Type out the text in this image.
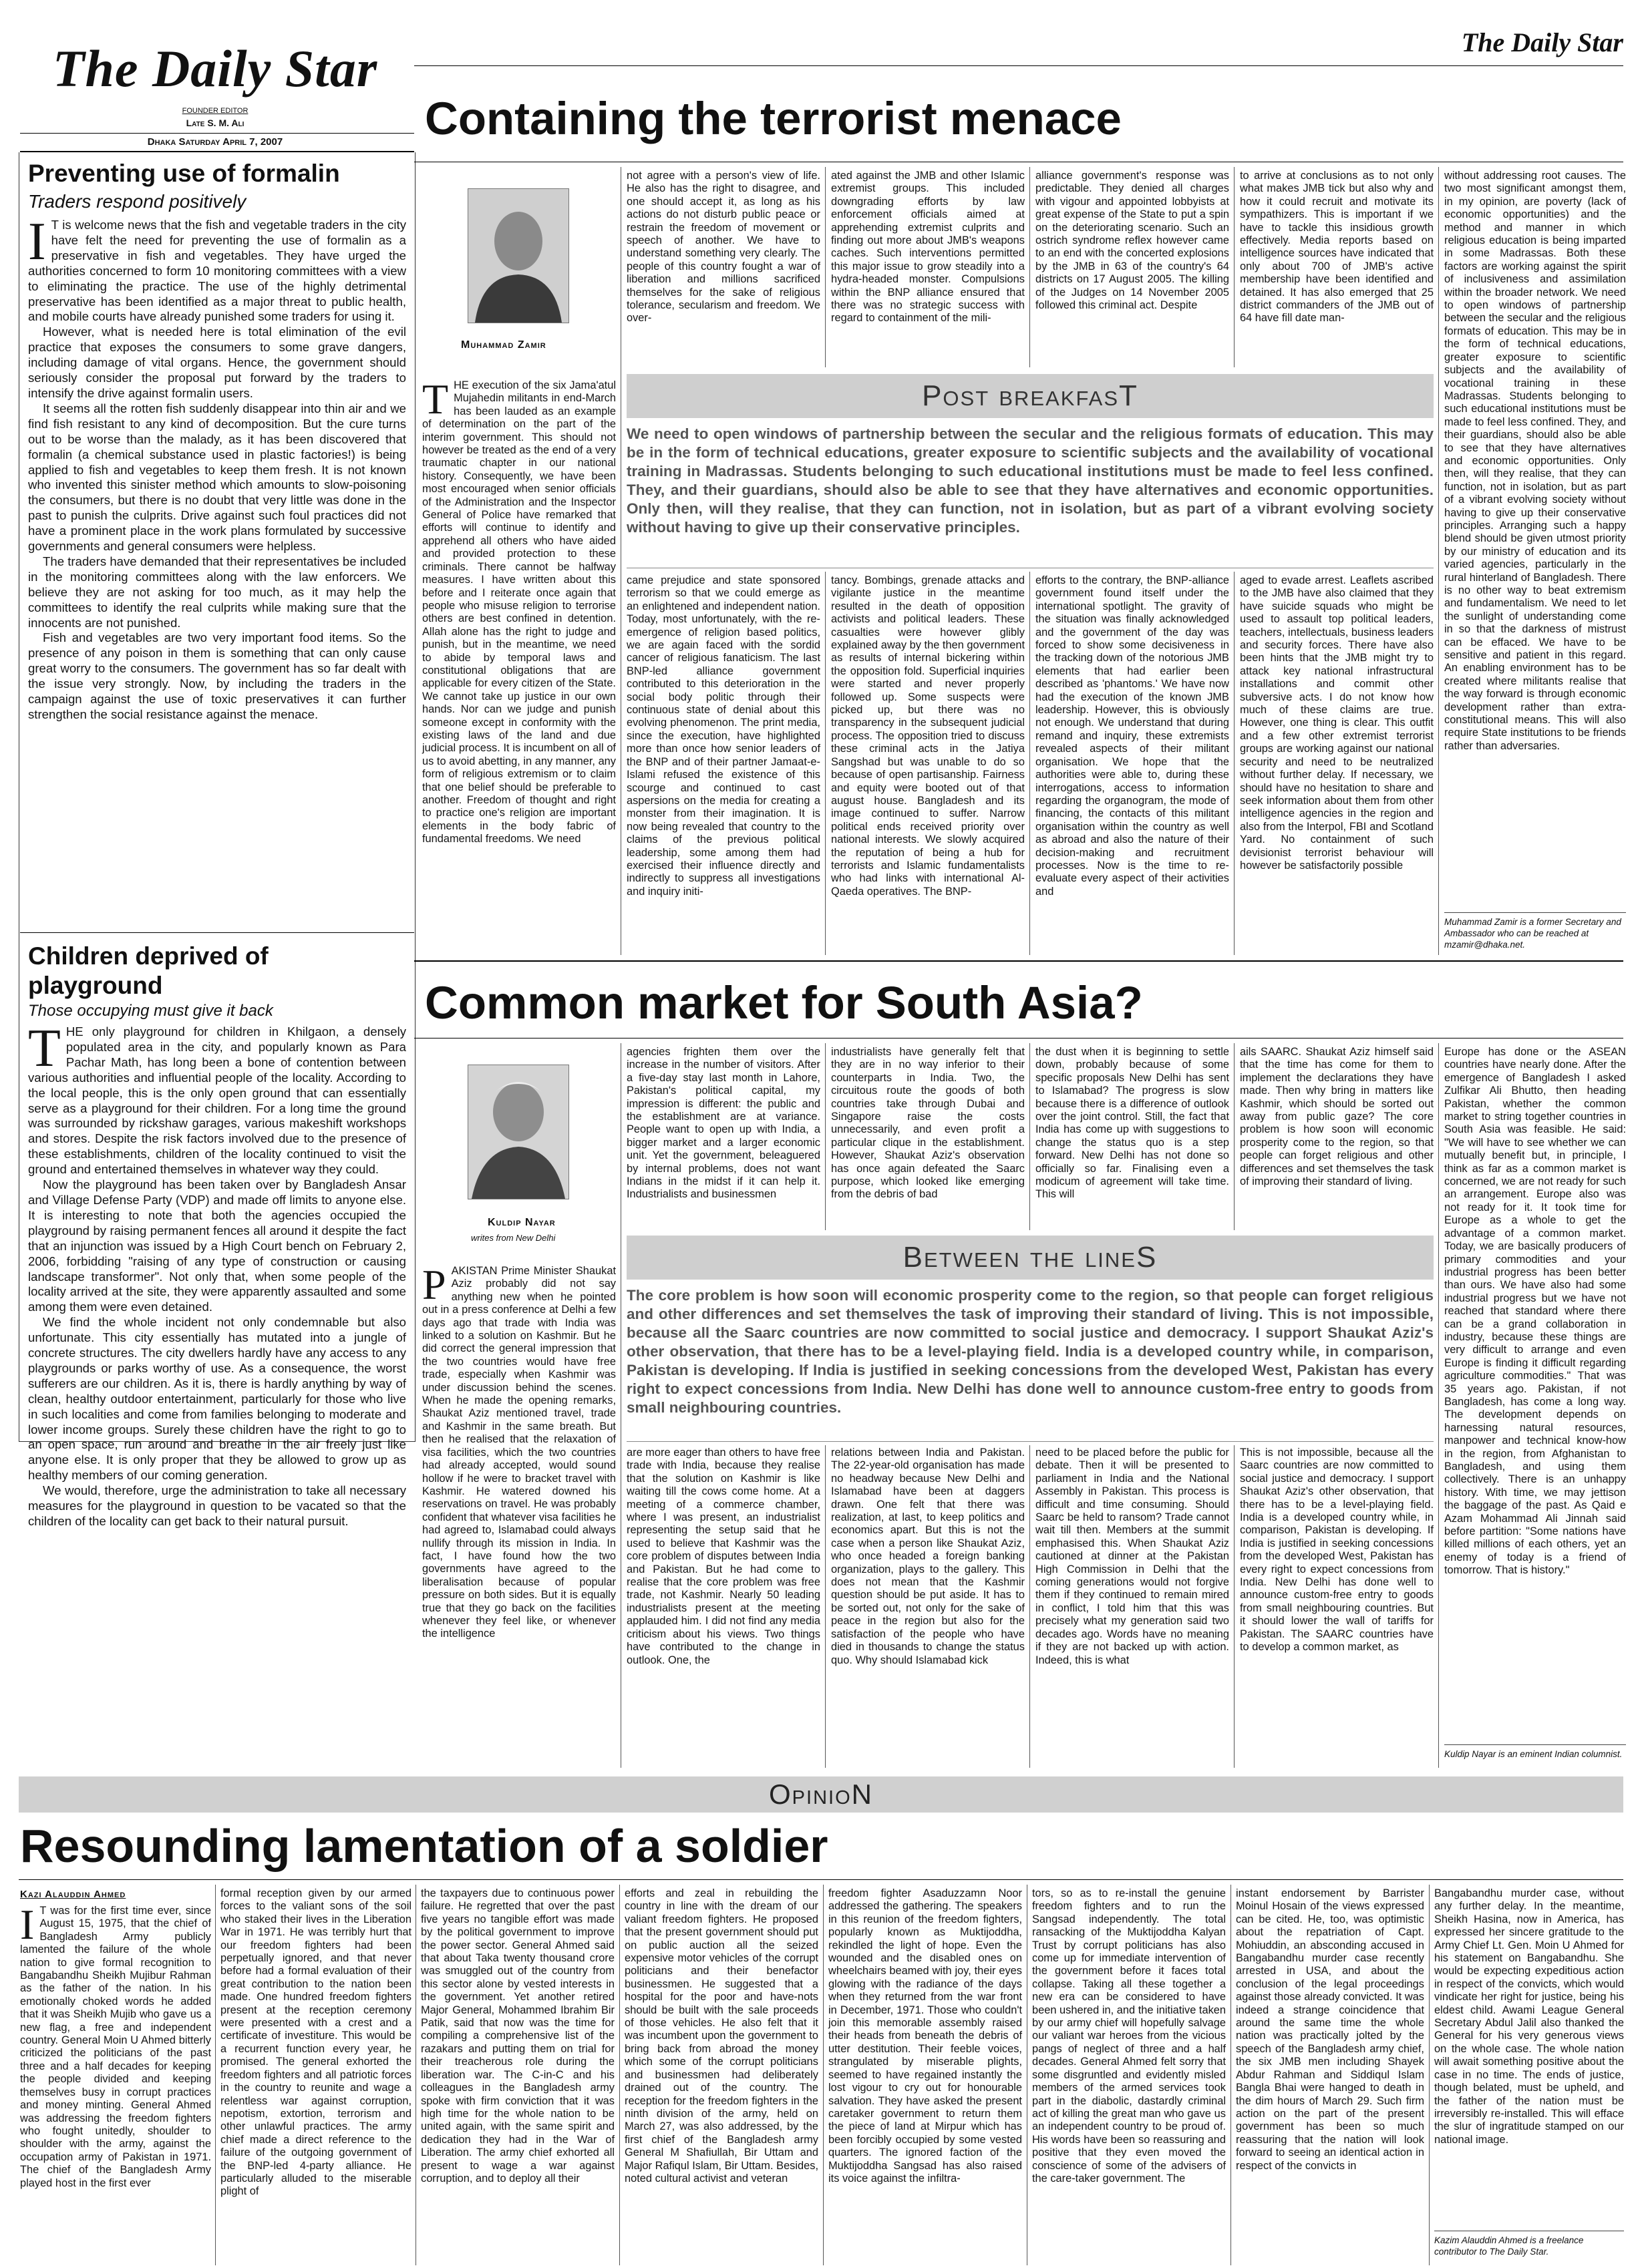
The Daily Star
FOUNDER EDITOR
Late S. M. Ali
Dhaka Saturday April 7, 2007
Preventing use of formalin
Traders respond positively
I T is welcome news that the fish and vegetable traders in the city have felt the need for preventing the use of formalin as a preservative in fish and vegetables. They have urged the authorities concerned to form 10 monitoring committees with a view to eliminating the practice. The use of the highly detrimental preservative has been identified as a major threat to public health, and mobile courts have already punished some traders for using it.

However, what is needed here is total elimination of the evil practice that exposes the consumers to some grave dangers, including damage of vital organs. Hence, the government should seriously consider the proposal put forward by the traders to intensify the drive against formalin users.

It seems all the rotten fish suddenly disappear into thin air and we find fish resistant to any kind of decomposition. But the cure turns out to be worse than the malady, as it has been discovered that formalin (a chemical substance used in plastic factories!) is being applied to fish and vegetables to keep them fresh. It is not known who invented this sinister method which amounts to slow-poisoning the consumers, but there is no doubt that very little was done in the past to punish the culprits. Drive against such foul practices did not have a prominent place in the work plans formulated by successive governments and general consumers were helpless.

The traders have demanded that their representatives be included in the monitoring committees along with the law enforcers. We believe they are not asking for too much, as it may help the committees to identify the real culprits while making sure that the innocents are not punished.

Fish and vegetables are two very important food items. So the presence of any poison in them is something that can only cause great worry to the consumers. The government has so far dealt with the issue very strongly. Now, by including the traders in the campaign against the use of toxic preservatives it can further strengthen the social resistance against the menace.

Children deprived of playground
Those occupying must give it back
T HE only playground for children in Khilgaon, a densely populated area in the city, and popularly known as Para Pachar Math, has long been a bone of contention between various authorities and influential people of the locality. According to the local people, this is the only open ground that can essentially serve as a playground for their children. For a long time the ground was surrounded by rickshaw garages, various makeshift workshops and stores. Despite the risk factors involved due to the presence of these establishments, children of the locality continued to visit the ground and entertained themselves in whatever way they could.

Now the playground has been taken over by Bangladesh Ansar and Village Defense Party (VDP) and made off limits to anyone else. It is interesting to note that both the agencies occupied the playground by raising permanent fences all around it despite the fact that an injunction was issued by a High Court bench on February 2, 2006, forbidding "raising of any type of construction or causing landscape transformer". Not only that, when some people of the locality arrived at the site, they were apparently assaulted and some among them were even detained.

We find the whole incident not only condemnable but also unfortunate. This city essentially has mutated into a jungle of concrete structures. The city dwellers hardly have any access to any playgrounds or parks worthy of use. As a consequence, the worst sufferers are our children. As it is, there is hardly anything by way of clean, healthy outdoor entertainment, particularly for those who live in such localities and come from families belonging to moderate and lower income groups. Surely these children have the right to go to an open space, run around and breathe in the air freely just like anyone else. It is only proper that they be allowed to grow up as healthy members of our coming generation.

We would, therefore, urge the administration to take all necessary measures for the playground in question to be vacated so that the children of the locality can get back to their natural pursuit.

The Daily Star
Containing the terrorist menace
Muhammad Zamir
T HE execution of the six Jama'atul Mujahedin militants in end-March has been lauded as an example of determination on the part of the interim government. This should not however be treated as the end of a very traumatic chapter in our national history. Consequently, we have been most encouraged when senior officials of the Administration and the Inspector General of Police have remarked that efforts will continue to identify and apprehend all others who have aided and provided protection to these criminals. There cannot be halfway measures. I have written about this before and I reiterate once again that people who misuse religion to terrorise others are best confined in detention. Allah alone has the right to judge and punish, but in the meantime, we need to abide by temporal laws and constitutional obligations that are applicable for every citizen of the State. We cannot take up justice in our own hands. Nor can we judge and punish someone except in conformity with the existing laws of the land and due judicial process. It is incumbent on all of us to avoid abetting, in any manner, any form of religious extremism or to claim that one belief should be preferable to another. Freedom of thought and right to practice one's religion are important elements in the body fabric of fundamental freedoms. We need

not agree with a person's view of life. He also has the right to disagree, and one should accept it, as long as his actions do not disturb public peace or restrain the freedom of movement or speech of another. We have to understand something very clearly. The people of this country fought a war of liberation and millions sacrificed themselves for the sake of religious tolerance, secularism and freedom. We over-

ated against the JMB and other Islamic extremist groups. This included downgrading efforts by law enforcement officials aimed at apprehending extremist culprits and finding out more about JMB's weapons caches. Such interventions permitted this major issue to grow steadily into a hydra-headed monster. Compulsions within the BNP alliance ensured that there was no strategic success with regard to containment of the mili-

alliance government's response was predictable. They denied all charges with vigour and appointed lobbyists at great expense of the State to put a spin on the deteriorating scenario. Such an ostrich syndrome reflex however came to an end with the concerted explosions by the JMB in 63 of the country's 64 districts on 17 August 2005. The killing of the Judges on 14 November 2005 followed this criminal act. Despite

to arrive at conclusions as to not only what makes JMB tick but also why and how it could recruit and motivate its sympathizers. This is important if we have to tackle this insidious growth effectively. Media reports based on intelligence sources have indicated that only about 700 of JMB's active membership have been identified and detained. It has also emerged that 25 district commanders of the JMB out of 64 have fill date man-

Post breakfasT
We need to open windows of partnership between the secular and the religious formats of education. This may be in the form of technical educations, greater exposure to scientific subjects and the availability of vocational training in Madrassas. Students belonging to such educational institutions must be made to feel less confined. They, and their guardians, should also be able to see that they have alternatives and economic opportunities. Only then, will they realise, that they can function, not in isolation, but as part of a vibrant evolving society without having to give up their conservative principles.

came prejudice and state sponsored terrorism so that we could emerge as an enlightened and independent nation. Today, most unfortunately, with the re-emergence of religion based politics, we are again faced with the sordid cancer of religious fanaticism. The last BNP-led alliance government contributed to this deterioration in the social body politic through their continuous state of denial about this evolving phenomenon. The print media, since the execution, have highlighted more than once how senior leaders of the BNP and of their partner Jamaat-e-Islami refused the existence of this scourge and continued to cast aspersions on the media for creating a monster from their imagination. It is now being revealed that country to the claims of the previous political leadership, some among them had exercised their influence directly and indirectly to suppress all investigations and inquiry initi-

tancy. Bombings, grenade attacks and vigilante justice in the meantime resulted in the death of opposition activists and political leaders. These casualties were however glibly explained away by the then government as results of internal bickering within the opposition fold. Superficial inquiries were started and never properly followed up. Some suspects were picked up, but there was no transparency in the subsequent judicial process. The opposition tried to discuss these criminal acts in the Jatiya Sangshad but was unable to do so because of open partisanship. Fairness and equity were booted out of that august house. Bangladesh and its image continued to suffer. Narrow political ends received priority over national interests. We slowly acquired the reputation of being a hub for terrorists and Islamic fundamentalists who had links with international Al-Qaeda operatives. The BNP-

efforts to the contrary, the BNP-alliance government found itself under the international spotlight. The gravity of the situation was finally acknowledged and the government of the day was forced to show some decisiveness in the tracking down of the notorious JMB elements that had earlier been described as 'phantoms.' We have now had the execution of the known JMB leadership. However, this is obviously not enough. We understand that during remand and inquiry, these extremists revealed aspects of their militant organisation. We hope that the authorities were able to, during these interrogations, access to information regarding the organogram, the mode of financing, the contacts of this militant organisation within the country as well as abroad and also the nature of their decision-making and recruitment processes. Now is the time to re-evaluate every aspect of their activities and

aged to evade arrest. Leaflets ascribed to the JMB have also claimed that they have suicide squads who might be used to assault top political leaders, teachers, intellectuals, business leaders and security forces. There have also been hints that the JMB might try to attack key national infrastructural installations and commit other subversive acts. I do not know how much of these claims are true. However, one thing is clear. This outfit and a few other extremist terrorist groups are working against our national security and need to be neutralized without further delay. If necessary, we should have no hesitation to share and seek information about them from other intelligence agencies in the region and also from the Interpol, FBI and Scotland Yard. No containment of such devisionist terrorist behaviour will however be satisfactorily possible

without addressing root causes. The two most significant amongst them, in my opinion, are poverty (lack of economic opportunities) and the method and manner in which religious education is being imparted in some Madrassas. Both these factors are working against the spirit of inclusiveness and assimilation within the broader network. We need to open windows of partnership between the secular and the religious formats of education. This may be in the form of technical educations, greater exposure to scientific subjects and the availability of vocational training in these Madrassas. Students belonging to such educational institutions must be made to feel less confined. They, and their guardians, should also be able to see that they have alternatives and economic opportunities. Only then, will they realise, that they can function, not in isolation, but as part of a vibrant evolving society without having to give up their conservative principles. Arranging such a happy blend should be given utmost priority by our ministry of education and its varied agencies, particularly in the rural hinterland of Bangladesh. There is no other way to beat extremism and fundamentalism. We need to let the sunlight of understanding come in so that the darkness of mistrust can be effaced. We have to be sensitive and patient in this regard. An enabling environment has to be created where militants realise that the way forward is through economic development rather than extra-constitutional means. This will also require State institutions to be friends rather than adversaries.

Muhammad Zamir is a former Secretary and Ambassador who can be reached at mzamir@dhaka.net.
Common market for South Asia?
Kuldip Nayar
writes from New Delhi
P AKISTAN Prime Minister Shaukat Aziz probably did not say anything new when he pointed out in a press conference at Delhi a few days ago that trade with India was linked to a solution on Kashmir. But he did correct the general impression that the two countries would have free trade, especially when Kashmir was under discussion behind the scenes. When he made the opening remarks, Shaukat Aziz mentioned travel, trade and Kashmir in the same breath. But then he realised that the relaxation of visa facilities, which the two countries had already accepted, would sound hollow if he were to bracket travel with Kashmir. He watered downed his reservations on travel. He was probably confident that whatever visa facilities he had agreed to, Islamabad could always nullify through its mission in India. In fact, I have found how the two governments have agreed to the liberalisation because of popular pressure on both sides. But it is equally true that they go back on the facilities whenever they feel like, or whenever the intelligence

agencies frighten them over the increase in the number of visitors. After a five-day stay last month in Lahore, Pakistan's political capital, my impression is different: the public and the establishment are at variance. People want to open up with India, a bigger market and a larger economic unit. Yet the government, beleaguered by internal problems, does not want Indians in the midst if it can help it. Industrialists and businessmen

industrialists have generally felt that they are in no way inferior to their counterparts in India. Two, the circuitous route the goods of both countries take through Dubai and Singapore raise the costs unnecessarily, and even profit a particular clique in the establishment. However, Shaukat Aziz's observation has once again defeated the Saarc purpose, which looked like emerging from the debris of bad

the dust when it is beginning to settle down, probably because of some specific proposals New Delhi has sent to Islamabad? The progress is slow because there is a difference of outlook over the joint control. Still, the fact that India has come up with suggestions to change the status quo is a step forward. New Delhi has not done so officially so far. Finalising even a modicum of agreement will take time. This will

ails SAARC. Shaukat Aziz himself said that the time has come for them to implement the declarations they have made. Then why bring in matters like Kashmir, which should be sorted out away from public gaze? The core problem is how soon will economic prosperity come to the region, so that people can forget religious and other differences and set themselves the task of improving their standard of living.

Between the lineS
The core problem is how soon will economic prosperity come to the region, so that people can forget religious and other differences and set themselves the task of improving their standard of living. This is not impossible, because all the Saarc countries are now committed to social justice and democracy. I support Shaukat Aziz's other observation, that there has to be a level-playing field. India is a developed country while, in comparison, Pakistan is developing. If India is justified in seeking concessions from the developed West, Pakistan has every right to expect concessions from India. New Delhi has done well to announce custom-free entry to goods from small neighbouring countries.

are more eager than others to have free trade with India, because they realise that the solution on Kashmir is like waiting till the cows come home. At a meeting of a commerce chamber, where I was present, an industrialist representing the setup said that he used to believe that Kashmir was the core problem of disputes between India and Pakistan. But he had come to realise that the core problem was free trade, not Kashmir. Nearly 50 leading industrialists present at the meeting applauded him. I did not find any media criticism about his views. Two things have contributed to the change in outlook. One, the

relations between India and Pakistan. The 22-year-old organisation has made no headway because New Delhi and Islamabad have been at daggers drawn. One felt that there was realization, at last, to keep politics and economics apart. But this is not the case when a person like Shaukat Aziz, who once headed a foreign banking organization, plays to the gallery. This does not mean that the Kashmir question should be put aside. It has to be sorted out, not only for the sake of peace in the region but also for the satisfaction of the people who have died in thousands to change the status quo. Why should Islamabad kick

need to be placed before the public for debate. Then it will be presented to parliament in India and the National Assembly in Pakistan. This process is difficult and time consuming. Should Saarc be held to ransom? Trade cannot wait till then. Members at the summit emphasised this. When Shaukat Aziz cautioned at dinner at the Pakistan High Commission in Delhi that the coming generations would not forgive them if they continued to remain mired in conflict, I told him that this was precisely what my generation said two decades ago. Words have no meaning if they are not backed up with action. Indeed, this is what

This is not impossible, because all the Saarc countries are now committed to social justice and democracy. I support Shaukat Aziz's other observation, that there has to be a level-playing field. India is a developed country while, in comparison, Pakistan is developing. If India is justified in seeking concessions from the developed West, Pakistan has every right to expect concessions from India. New Delhi has done well to announce custom-free entry to goods from small neighbouring countries. But it should lower the wall of tariffs for Pakistan. The SAARC countries have to develop a common market, as

Europe has done or the ASEAN countries have nearly done. After the emergence of Bangladesh I asked Zulfikar Ali Bhutto, then heading Pakistan, whether the common market to string together countries in South Asia was feasible. He said: "We will have to see whether we can mutually benefit but, in principle, I think as far as a common market is concerned, we are not ready for such an arrangement. Europe also was not ready for it. It took time for Europe as a whole to get the advantage of a common market. Today, we are basically producers of primary commodities and your industrial progress has been better than ours. We have also had some industrial progress but we have not reached that standard where there can be a grand collaboration in industry, because these things are very difficult to arrange and even Europe is finding it difficult regarding agriculture commodities." That was 35 years ago. Pakistan, if not Bangladesh, has come a long way. The development depends on harnessing natural resources, manpower and technical know-how in the region, from Afghanistan to Bangladesh, and using them collectively. There is an unhappy history. With time, we may jettison the baggage of the past. As Qaid e Azam Mohammad Ali Jinnah said before partition: "Some nations have killed millions of each others, yet an enemy of today is a friend of tomorrow. That is history."

Kuldip Nayar is an eminent Indian columnist.
OpinioN
Resounding lamentation of a soldier
Kazi Alauddin Ahmed
I T was for the first time ever, since August 15, 1975, that the chief of Bangladesh Army publicly lamented the failure of the whole nation to give formal recognition to Bangabandhu Sheikh Mujibur Rahman as the father of the nation. In his emotionally choked words he added that it was Sheikh Mujib who gave us a new flag, a free and independent country. General Moin U Ahmed bitterly criticized the politicians of the past three and a half decades for keeping the people divided and keeping themselves busy in corrupt practices and money minting. General Ahmed was addressing the freedom fighters who fought unitedly, shoulder to shoulder with the army, against the occupation army of Pakistan in 1971. The chief of the Bangladesh Army played host in the first ever

formal reception given by our armed forces to the valiant sons of the soil who staked their lives in the Liberation War in 1971. He was terribly hurt that our freedom fighters had been perpetually ignored, and that never before had a formal evaluation of their great contribution to the nation been made. One hundred freedom fighters present at the reception ceremony were presented with a crest and a certificate of investiture. This would be a recurrent function every year, he promised. The general exhorted the freedom fighters and all patriotic forces in the country to reunite and wage a relentless war against corruption, nepotism, extortion, terrorism and other unlawful practices. The army chief made a direct reference to the failure of the outgoing government of the BNP-led 4-party alliance. He particularly alluded to the miserable plight of

the taxpayers due to continuous power failure. He regretted that over the past five years no tangible effort was made by the political government to improve the power sector. General Ahmed said that about Taka twenty thousand crore was smuggled out of the country from this sector alone by vested interests in the government. Yet another retired Major General, Mohammed Ibrahim Bir Patik, said that now was the time for compiling a comprehensive list of the razakars and putting them on trial for their treacherous role during the liberation war. The C-in-C and his colleagues in the Bangladesh army spoke with firm conviction that it was high time for the whole nation to be united again, with the same spirit and dedication they had in the War of Liberation. The army chief exhorted all present to wage a war against corruption, and to deploy all their

efforts and zeal in rebuilding the country in line with the dream of our valiant freedom fighters. He proposed that the present government should put on public auction all the seized expensive motor vehicles of the corrupt politicians and their benefactor businessmen. He suggested that a hospital for the poor and have-nots should be built with the sale proceeds of those vehicles. He also felt that it was incumbent upon the government to bring back from abroad the money which some of the corrupt politicians and businessmen had deliberately drained out of the country. The reception for the freedom fighters in the ninth division of the army, held on March 27, was also addressed, by the first chief of the Bangladesh army General M Shafiullah, Bir Uttam and Major Rafiqul Islam, Bir Uttam. Besides, noted cultural activist and veteran

freedom fighter Asaduzzamn Noor addressed the gathering. The speakers in this reunion of the freedom fighters, popularly known as Muktijoddha, rekindled the light of hope. Even the wounded and the disabled ones on wheelchairs beamed with joy, their eyes glowing with the radiance of the days when they returned from the war front in December, 1971. Those who couldn't join this memorable assembly raised their heads from beneath the debris of utter destitution. Their feeble voices, strangulated by miserable plights, seemed to have regained instantly the lost vigour to cry out for honourable salvation. They have asked the present caretaker government to return them the piece of land at Mirpur which has been forcibly occupied by some vested quarters. The ignored faction of the Muktijoddha Sangsad has also raised its voice against the infiltra-

tors, so as to re-install the genuine freedom fighters and to run the Sangsad independently. The total ransacking of the Muktijoddha Kalyan Trust by corrupt politicians has also come up for immediate intervention of the government before it faces total collapse. Taking all these together a new era can be considered to have been ushered in, and the initiative taken by our army chief will hopefully salvage our valiant war heroes from the vicious pangs of neglect of three and a half decades. General Ahmed felt sorry that some disgruntled and evidently misled members of the armed services took part in the diabolic, dastardly criminal act of killing the great man who gave us an independent country to be proud of. His words have been so reassuring and positive that they even moved the conscience of some of the advisers of the care-taker government. The

instant endorsement by Barrister Moinul Hosain of the views expressed can be cited. He, too, was optimistic about the repatriation of Capt. Mohiuddin, an absconding accused in Bangabandhu murder case recently arrested in USA, and about the conclusion of the legal proceedings against those already convicted. It was indeed a strange coincidence that around the same time the whole nation was practically jolted by the speech of the Bangladesh army chief, the six JMB men including Shayek Abdur Rahman and Siddiqul Islam Bangla Bhai were hanged to death in the dim hours of March 29. Such firm action on the part of the present government has been so much reassuring that the nation will look forward to seeing an identical action in respect of the convicts in

Bangabandhu murder case, without any further delay. In the meantime, Sheikh Hasina, now in America, has expressed her sincere gratitude to the Army Chief Lt. Gen. Moin U Ahmed for his statement on Bangabandhu. She would be expecting expeditious action in respect of the convicts, which would vindicate her right for justice, being his eldest child. Awami League General Secretary Abdul Jalil also thanked the General for his very generous views on the whole case. The whole nation will await something positive about the case in no time. The ends of justice, though belated, must be upheld, and the father of the nation must be irreversibly re-installed. This will efface the slur of ingratitude stamped on our national image.

Kazim Alauddin Ahmed is a freelance contributor to The Daily Star.
